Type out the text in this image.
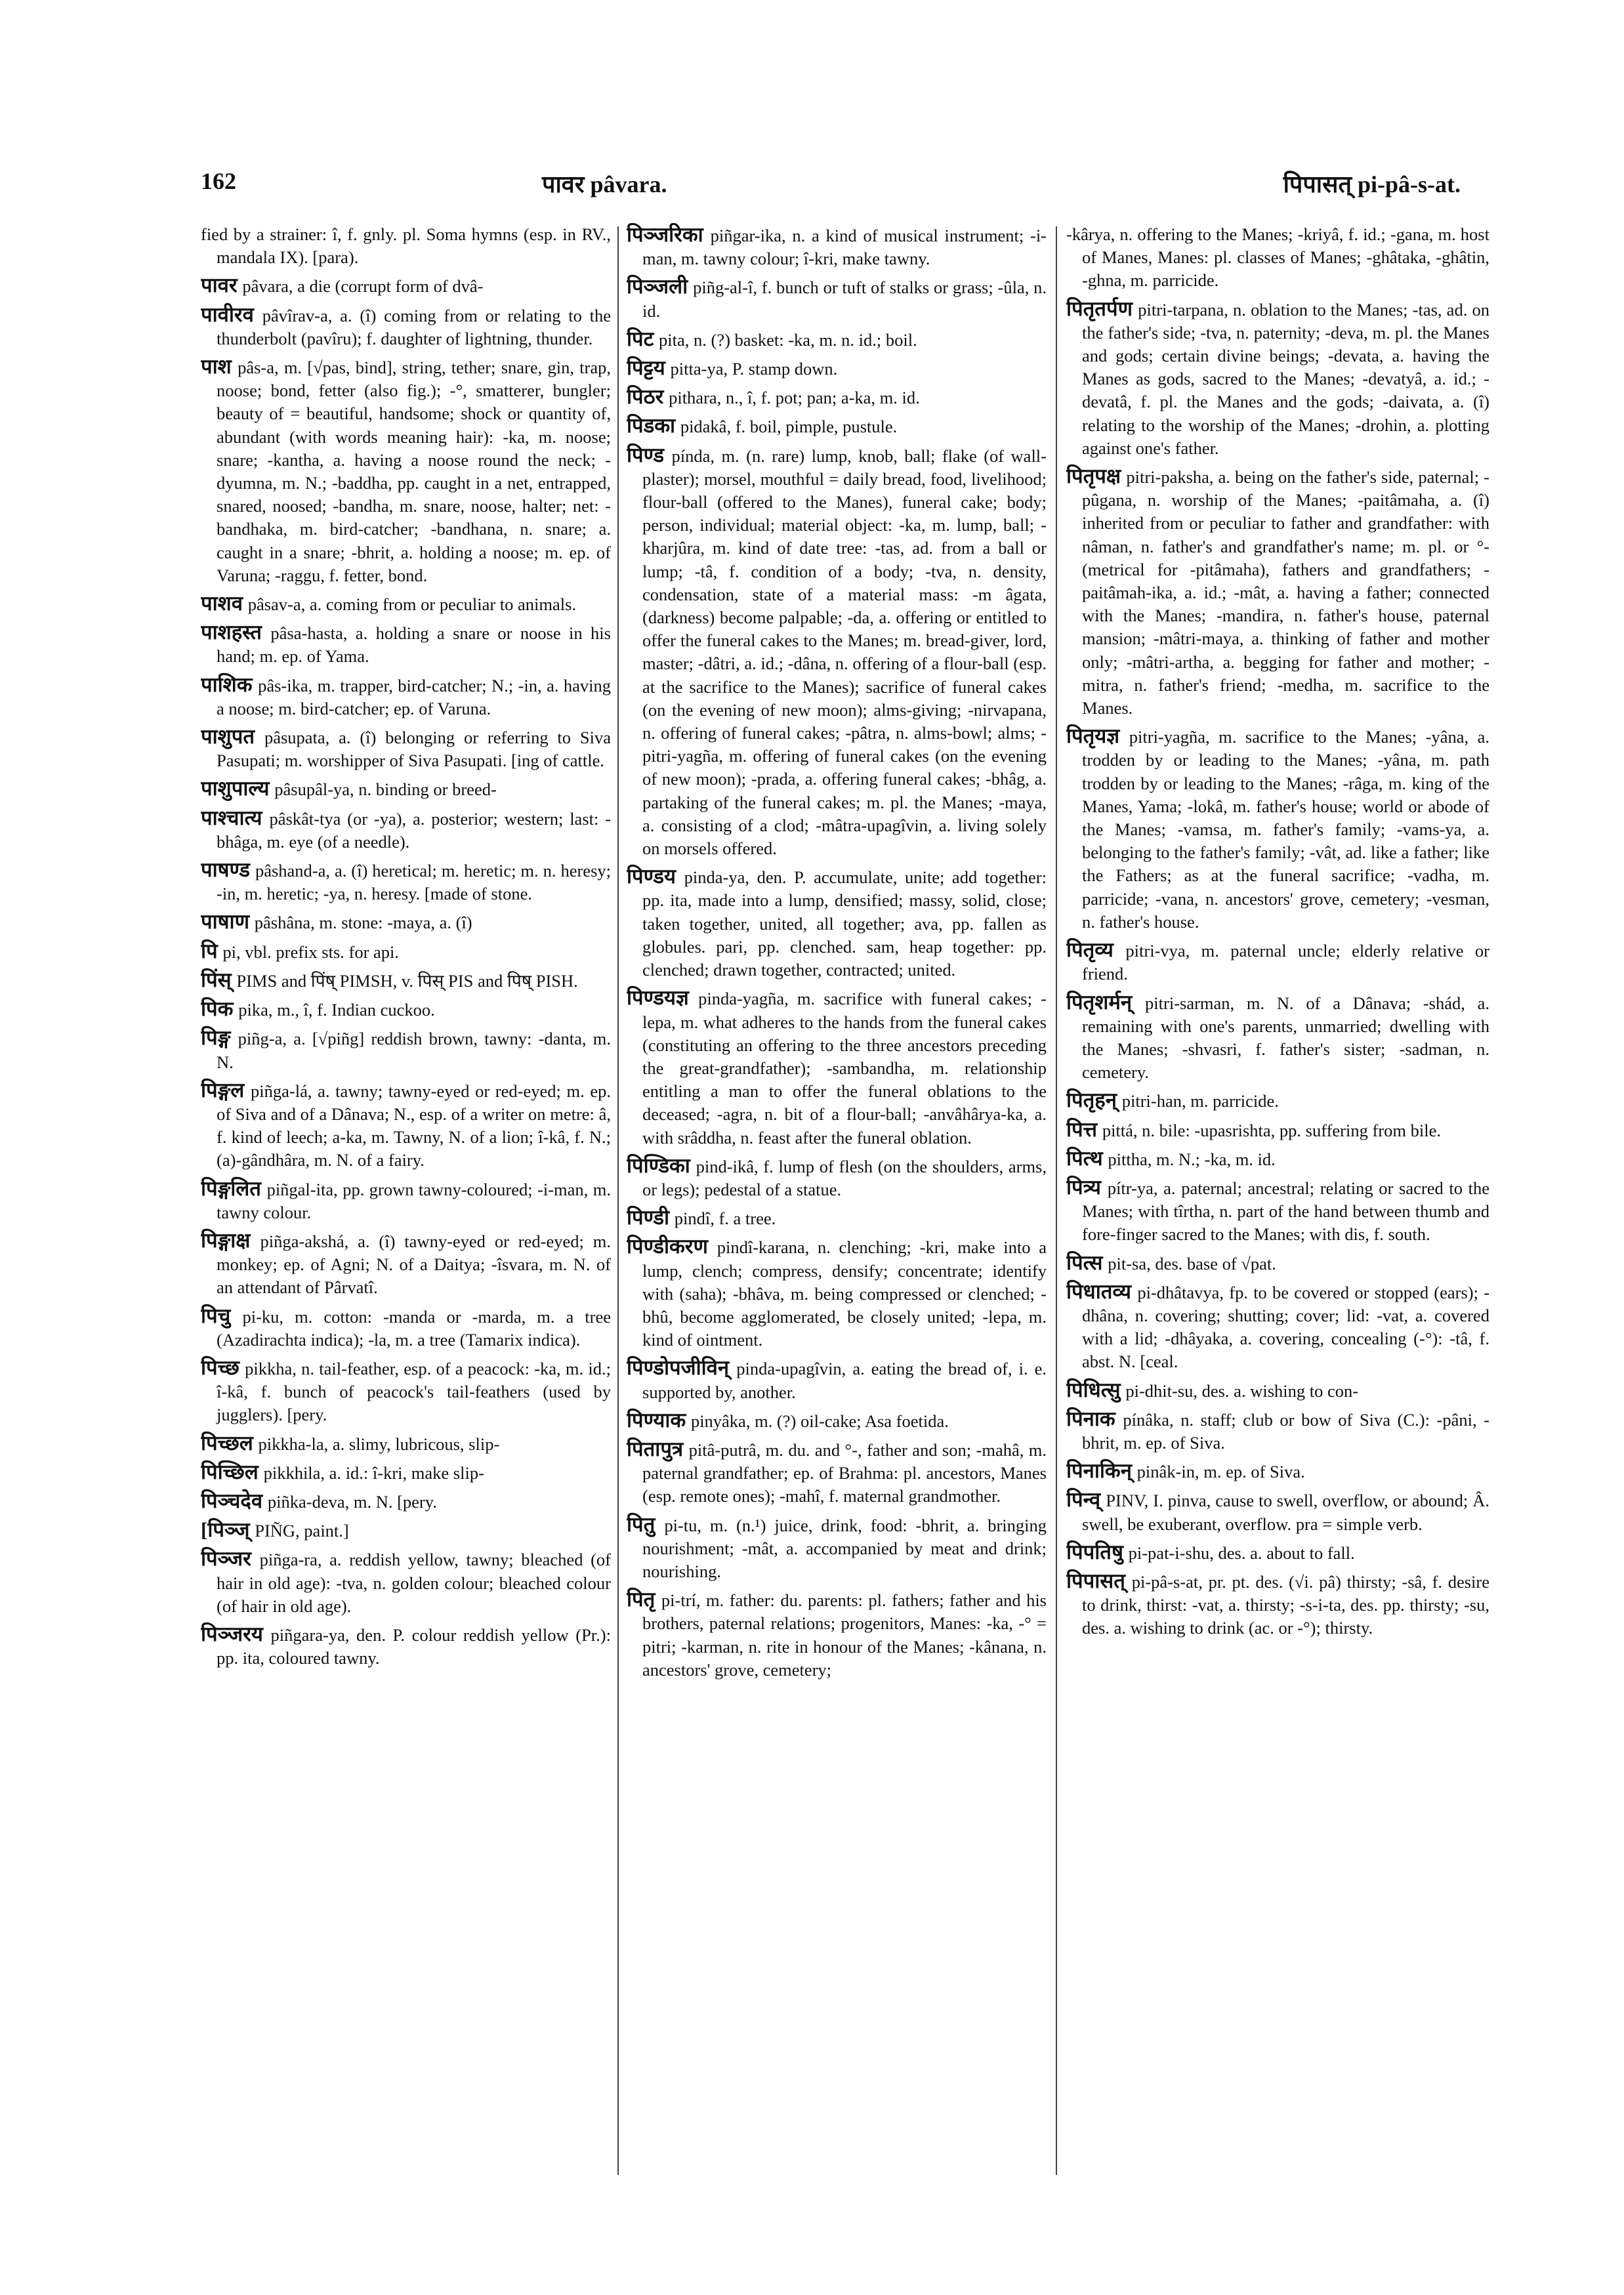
162	पावर pâvara.	पिपासत् pi-pâ-s-at.

fied by a strainer: î, f. gnly. pl. Soma hymns (esp. in RV., mandala IX). [para).

पावर pâvara, a die (corrupt form of dvâ-

पावीरव pâvîrav-a, a. (î) coming from or relating to the thunderbolt (pavîru); f. daughter of lightning, thunder.

पाश pâs-a, m. [√pas, bind], string, tether; snare, gin, trap, noose; bond, fetter (also fig.); -°, smatterer, bungler; beauty of = beautiful, handsome; shock or quantity of, abundant (with words meaning hair): -ka, m. noose; snare; -kantha, a. having a noose round the neck; -dyumna, m. N.; -baddha, pp. caught in a net, entrapped, snared, noosed; -bandha, m. snare, noose, halter; net: -bandhaka, m. bird-catcher; -bandhana, n. snare; a. caught in a snare; -bhrit, a. holding a noose; m. ep. of Varuna; -raggu, f. fetter, bond.

पाशव pâsav-a, a. coming from or peculiar to animals.

पाशहस्त pâsa-hasta, a. holding a snare or noose in his hand; m. ep. of Yama.

पाशिक pâs-ika, m. trapper, bird-catcher; N.; -in, a. having a noose; m. bird-catcher; ep. of Varuna.

पाशुपत pâsupata, a. (î) belonging or referring to Siva Pasupati; m. worshipper of Siva Pasupati. [ing of cattle.

पाशुपाल्य pâsupâl-ya, n. binding or breed-

पाश्चात्य pâskât-tya (or -ya), a. posterior; western; last: -bhâga, m. eye (of a needle).

पाषण्ड pâshand-a, a. (î) heretical; m. heretic; m. n. heresy; -in, m. heretic; -ya, n. heresy. [made of stone.

पाषाण pâshâna, m. stone: -maya, a. (î)

पि pi, vbl. prefix sts. for api.

पिंस् PIMS and पिंष् PIMSH, v. पिस् PIS and पिष् PISH.

पिक pika, m., î, f. Indian cuckoo.

पिङ्ग piñg-a, a. [√piñg] reddish brown, tawny: -danta, m. N.

पिङ्गल piñga-lá, a. tawny; tawny-eyed or red-eyed; m. ep. of Siva and of a Dânava; N., esp. of a writer on metre: â, f. kind of leech; a-ka, m. Tawny, N. of a lion; î-kâ, f. N.; (a)-gândhâra, m. N. of a fairy.

पिङ्गलित piñgal-ita, pp. grown tawny-coloured; -i-man, m. tawny colour.

पिङ्गाक्ष piñga-akshá, a. (î) tawny-eyed or red-eyed; m. monkey; ep. of Agni; N. of a Daitya; -îsvara, m. N. of an attendant of Pârvatî.

पिचु pi-ku, m. cotton: -manda or -marda, m. a tree (Azadirachta indica); -la, m. a tree (Tamarix indica).

पिच्छ pikkha, n. tail-feather, esp. of a peacock: -ka, m. id.; î-kâ, f. bunch of peacock's tail-feathers (used by jugglers). [pery.

पिच्छल pikkha-la, a. slimy, lubricous, slip-

पिच्छिल pikkhila, a. id.: î-kri, make slip-

पिञ्चदेव piñka-deva, m. N. [pery.

[पिञ्ज् PIÑG, paint.]

पिञ्जर piñga-ra, a. reddish yellow, tawny; bleached (of hair in old age): -tva, n. golden colour; bleached colour (of hair in old age).

पिञ्जरय piñgara-ya, den. P. colour reddish yellow (Pr.): pp. ita, coloured tawny.

पिञ्जरिका piñgar-ika, n. a kind of musical instrument; -i-man, m. tawny colour; î-kri, make tawny.

पिञ्जली piñg-al-î, f. bunch or tuft of stalks or grass; -ûla, n. id.

पिट pita, n. (?) basket: -ka, m. n. id.; boil.

पिट्टय pitta-ya, P. stamp down.

पिठर pithara, n., î, f. pot; pan; a-ka, m. id.

पिडका pidakâ, f. boil, pimple, pustule.

पिण्ड pínda, m. (n. rare) lump, knob, ball; flake (of wall-plaster); morsel, mouthful = daily bread, food, livelihood; flour-ball (offered to the Manes), funeral cake; body; person, individual; material object: -ka, m. lump, ball; -kharjûra, m. kind of date tree: -tas, ad. from a ball or lump; -tâ, f. condition of a body; -tva, n. density, condensation, state of a material mass: -m âgata, (darkness) become palpable; -da, a. offering or entitled to offer the funeral cakes to the Manes; m. bread-giver, lord, master; -dâtri, a. id.; -dâna, n. offering of a flour-ball (esp. at the sacrifice to the Manes); sacrifice of funeral cakes (on the evening of new moon); alms-giving; -nirvapana, n. offering of funeral cakes; -pâtra, n. alms-bowl; alms; -pitri-yagña, m. offering of funeral cakes (on the evening of new moon); -prada, a. offering funeral cakes; -bhâg, a. partaking of the funeral cakes; m. pl. the Manes; -maya, a. consisting of a clod; -mâtra-upagîvin, a. living solely on morsels offered.

पिण्डय pinda-ya, den. P. accumulate, unite; add together: pp. ita, made into a lump, densified; massy, solid, close; taken together, united, all together; ava, pp. fallen as globules. pari, pp. clenched. sam, heap together: pp. clenched; drawn together, contracted; united.

पिण्डयज्ञ pinda-yagña, m. sacrifice with funeral cakes; -lepa, m. what adheres to the hands from the funeral cakes (constituting an offering to the three ancestors preceding the great-grandfather); -sambandha, m. relationship entitling a man to offer the funeral oblations to the deceased; -agra, n. bit of a flour-ball; -anvâhârya-ka, a. with srâddha, n. feast after the funeral oblation.

पिण्डिका pind-ikâ, f. lump of flesh (on the shoulders, arms, or legs); pedestal of a statue.

पिण्डी pindî, f. a tree.

पिण्डीकरण pindî-karana, n. clenching; -kri, make into a lump, clench; compress, densify; concentrate; identify with (saha); -bhâva, m. being compressed or clenched; -bhû, become agglomerated, be closely united; -lepa, m. kind of ointment.

पिण्डोपजीविन् pinda-upagîvin, a. eating the bread of, i. e. supported by, another.

पिण्याक pinyâka, m. (?) oil-cake; Asa foetida.

पितापुत्र pitâ-putrâ, m. du. and °-, father and son; -mahâ, m. paternal grandfather; ep. of Brahma: pl. ancestors, Manes (esp. remote ones); -mahî, f. maternal grandmother.

पितु pi-tu, m. (n.¹) juice, drink, food: -bhrit, a. bringing nourishment; -mât, a. accompanied by meat and drink; nourishing.

पितृ pi-trí, m. father: du. parents: pl. fathers; father and his brothers, paternal relations; progenitors, Manes: -ka, -° = pitri; -karman, n. rite in honour of the Manes; -kânana, n. ancestors' grove, cemetery;

-kârya, n. offering to the Manes; -kriyâ, f. id.; -gana, m. host of Manes, Manes: pl. classes of Manes; -ghâtaka, -ghâtin, -ghna, m. parricide.

पितृतर्पण pitri-tarpana, n. oblation to the Manes; -tas, ad. on the father's side; -tva, n. paternity; -deva, m. pl. the Manes and gods; certain divine beings; -devata, a. having the Manes as gods, sacred to the Manes; -devatyâ, a. id.; -devatâ, f. pl. the Manes and the gods; -daivata, a. (î) relating to the worship of the Manes; -drohin, a. plotting against one's father.

पितृपक्ष pitri-paksha, a. being on the father's side, paternal; -pûgana, n. worship of the Manes; -paitâmaha, a. (î) inherited from or peculiar to father and grandfather: with nâman, n. father's and grandfather's name; m. pl. or °- (metrical for -pitâmaha), fathers and grandfathers; -paitâmah-ika, a. id.; -mât, a. having a father; connected with the Manes; -mandira, n. father's house, paternal mansion; -mâtri-maya, a. thinking of father and mother only; -mâtri-artha, a. begging for father and mother; -mitra, n. father's friend; -medha, m. sacrifice to the Manes.

पितृयज्ञ pitri-yagña, m. sacrifice to the Manes; -yâna, a. trodden by or leading to the Manes; -yâna, m. path trodden by or leading to the Manes; -râga, m. king of the Manes, Yama; -lokâ, m. father's house; world or abode of the Manes; -vamsa, m. father's family; -vams-ya, a. belonging to the father's family; -vât, ad. like a father; like the Fathers; as at the funeral sacrifice; -vadha, m. parricide; -vana, n. ancestors' grove, cemetery; -vesman, n. father's house.

पितृव्य pitri-vya, m. paternal uncle; elderly relative or friend.

पितृशर्मन् pitri-sarman, m. N. of a Dânava; -shád, a. remaining with one's parents, unmarried; dwelling with the Manes; -shvasri, f. father's sister; -sadman, n. cemetery.

पितृहन् pitri-han, m. parricide.

पित्त pittá, n. bile: -upasrishta, pp. suffering from bile.

पित्थ pittha, m. N.; -ka, m. id.

पित्र्य pítr-ya, a. paternal; ancestral; relating or sacred to the Manes; with tîrtha, n. part of the hand between thumb and fore-finger sacred to the Manes; with dis, f. south.

पित्स pit-sa, des. base of √pat.

पिधातव्य pi-dhâtavya, fp. to be covered or stopped (ears); -dhâna, n. covering; shutting; cover; lid: -vat, a. covered with a lid; -dhâyaka, a. covering, concealing (-°): -tâ, f. abst. N. [ceal.

पिधित्सु pi-dhit-su, des. a. wishing to con-

पिनाक pínâka, n. staff; club or bow of Siva (C.): -pâni, -bhrit, m. ep. of Siva.

पिनाकिन् pinâk-in, m. ep. of Siva.

पिन्व् PINV, I. pinva, cause to swell, overflow, or abound; Â. swell, be exuberant, overflow. pra = simple verb.

पिपतिषु pi-pat-i-shu, des. a. about to fall.

पिपासत् pi-pâ-s-at, pr. pt. des. (√i. pâ) thirsty; -sâ, f. desire to drink, thirst: -vat, a. thirsty; -s-i-ta, des. pp. thirsty; -su, des. a. wishing to drink (ac. or -°); thirsty.
